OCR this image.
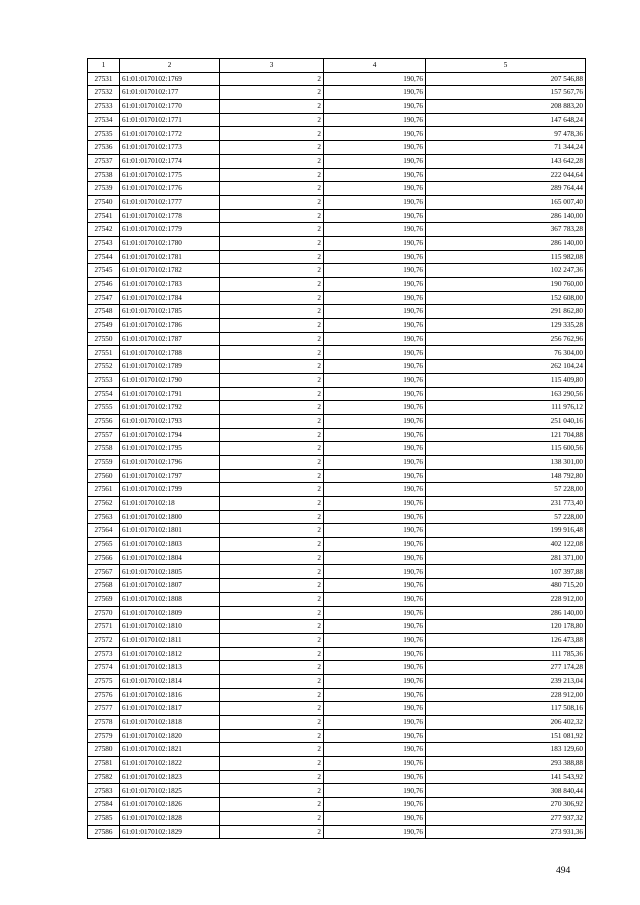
1	2	3	4	5
27531	61:01:0170102:1769	2	190,76	207 546,88
27532	61:01:0170102:177	2	190,76	157 567,76
27533	61:01:0170102:1770	2	190,76	208 883,20
27534	61:01:0170102:1771	2	190,76	147 648,24
27535	61:01:0170102:1772	2	190,76	97 478,36
27536	61:01:0170102:1773	2	190,76	71 344,24
27537	61:01:0170102:1774	2	190,76	143 642,28
27538	61:01:0170102:1775	2	190,76	222 044,64
27539	61:01:0170102:1776	2	190,76	289 764,44
27540	61:01:0170102:1777	2	190,76	165 007,40
27541	61:01:0170102:1778	2	190,76	286 140,00
27542	61:01:0170102:1779	2	190,76	367 783,28
27543	61:01:0170102:1780	2	190,76	286 140,00
27544	61:01:0170102:1781	2	190,76	115 982,08
27545	61:01:0170102:1782	2	190,76	102 247,36
27546	61:01:0170102:1783	2	190,76	190 760,00
27547	61:01:0170102:1784	2	190,76	152 608,00
27548	61:01:0170102:1785	2	190,76	291 862,80
27549	61:01:0170102:1786	2	190,76	129 335,28
27550	61:01:0170102:1787	2	190,76	256 762,96
27551	61:01:0170102:1788	2	190,76	76 304,00
27552	61:01:0170102:1789	2	190,76	262 104,24
27553	61:01:0170102:1790	2	190,76	115 409,80
27554	61:01:0170102:1791	2	190,76	163 290,56
27555	61:01:0170102:1792	2	190,76	111 976,12
27556	61:01:0170102:1793	2	190,76	251 040,16
27557	61:01:0170102:1794	2	190,76	121 704,88
27558	61:01:0170102:1795	2	190,76	115 600,56
27559	61:01:0170102:1796	2	190,76	138 301,00
27560	61:01:0170102:1797	2	190,76	148 792,80
27561	61:01:0170102:1799	2	190,76	57 228,00
27562	61:01:0170102:18	2	190,76	231 773,40
27563	61:01:0170102:1800	2	190,76	57 228,00
27564	61:01:0170102:1801	2	190,76	199 916,48
27565	61:01:0170102:1803	2	190,76	402 122,08
27566	61:01:0170102:1804	2	190,76	281 371,00
27567	61:01:0170102:1805	2	190,76	107 397,88
27568	61:01:0170102:1807	2	190,76	480 715,20
27569	61:01:0170102:1808	2	190,76	228 912,00
27570	61:01:0170102:1809	2	190,76	286 140,00
27571	61:01:0170102:1810	2	190,76	120 178,80
27572	61:01:0170102:1811	2	190,76	126 473,88
27573	61:01:0170102:1812	2	190,76	111 785,36
27574	61:01:0170102:1813	2	190,76	277 174,28
27575	61:01:0170102:1814	2	190,76	239 213,04
27576	61:01:0170102:1816	2	190,76	228 912,00
27577	61:01:0170102:1817	2	190,76	117 508,16
27578	61:01:0170102:1818	2	190,76	206 402,32
27579	61:01:0170102:1820	2	190,76	151 081,92
27580	61:01:0170102:1821	2	190,76	183 129,60
27581	61:01:0170102:1822	2	190,76	293 388,88
27582	61:01:0170102:1823	2	190,76	141 543,92
27583	61:01:0170102:1825	2	190,76	308 840,44
27584	61:01:0170102:1826	2	190,76	270 306,92
27585	61:01:0170102:1828	2	190,76	277 937,32
27586	61:01:0170102:1829	2	190,76	273 931,36
494
